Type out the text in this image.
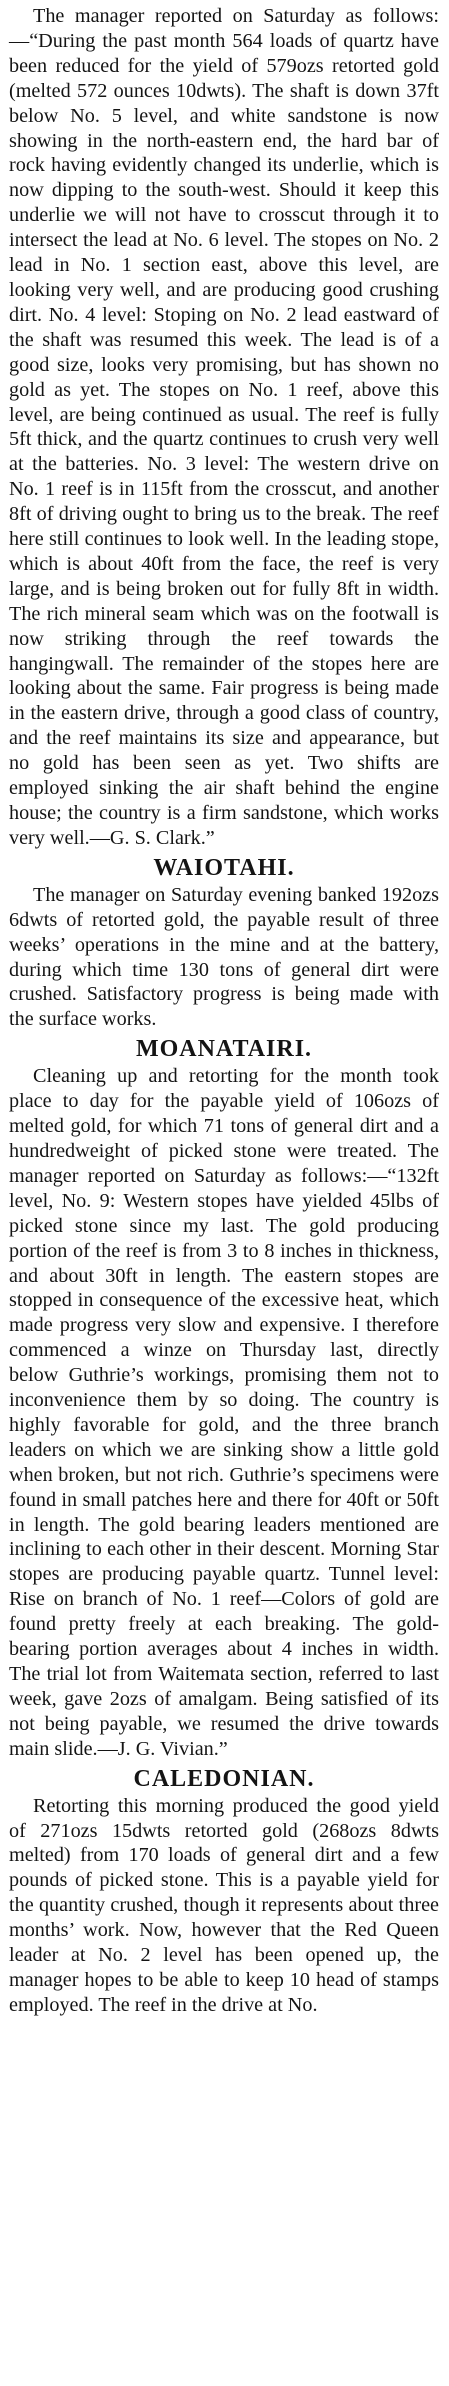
The manager reported on Saturday as follows:—“During the past month 564 loads of quartz have been reduced for the yield of 579ozs retorted gold (melted 572 ounces 10dwts). The shaft is down 37ft below No. 5 level, and white sandstone is now showing in the north-eastern end, the hard bar of rock having evidently changed its underlie, which is now dipping to the south-west. Should it keep this underlie we will not have to crosscut through it to intersect the lead at No. 6 level. The stopes on No. 2 lead in No. 1 section east, above this level, are looking very well, and are producing good crushing dirt. No. 4 level: Stoping on No. 2 lead eastward of the shaft was resumed this week. The lead is of a good size, looks very promising, but has shown no gold as yet. The stopes on No. 1 reef, above this level, are being continued as usual. The reef is fully 5ft thick, and the quartz continues to crush very well at the batteries. No. 3 level: The western drive on No. 1 reef is in 115ft from the crosscut, and another 8ft of driving ought to bring us to the break. The reef here still continues to look well. In the leading stope, which is about 40ft from the face, the reef is very large, and is being broken out for fully 8ft in width. The rich mineral seam which was on the footwall is now striking through the reef towards the hangingwall. The remainder of the stopes here are looking about the same. Fair progress is being made in the eastern drive, through a good class of country, and the reef maintains its size and appearance, but no gold has been seen as yet. Two shifts are employed sinking the air shaft behind the engine house; the country is a firm sandstone, which works very well.—G. S. Clark.”

WAIOTAHI.

The manager on Saturday evening banked 192ozs 6dwts of retorted gold, the payable result of three weeks’ operations in the mine and at the battery, during which time 130 tons of general dirt were crushed. Satisfactory progress is being made with the surface works.

MOANATAIRI.

Cleaning up and retorting for the month took place to day for the payable yield of 106ozs of melted gold, for which 71 tons of general dirt and a hundredweight of picked stone were treated. The manager reported on Saturday as follows:—“132ft level, No. 9: Western stopes have yielded 45lbs of picked stone since my last. The gold producing portion of the reef is from 3 to 8 inches in thickness, and about 30ft in length. The eastern stopes are stopped in consequence of the excessive heat, which made progress very slow and expensive. I therefore commenced a winze on Thursday last, directly below Guthrie’s workings, promising them not to inconvenience them by so doing. The country is highly favorable for gold, and the three branch leaders on which we are sinking show a little gold when broken, but not rich. Guthrie’s specimens were found in small patches here and there for 40ft or 50ft in length. The gold bearing leaders mentioned are inclining to each other in their descent. Morning Star stopes are producing payable quartz. Tunnel level: Rise on branch of No. 1 reef—Colors of gold are found pretty freely at each breaking. The gold-bearing portion averages about 4 inches in width. The trial lot from Waitemata section, referred to last week, gave 2ozs of amalgam. Being satisfied of its not being payable, we resumed the drive towards main slide.—J. G. Vivian.”

CALEDONIAN.

Retorting this morning produced the good yield of 271ozs 15dwts retorted gold (268ozs 8dwts melted) from 170 loads of general dirt and a few pounds of picked stone. This is a payable yield for the quantity crushed, though it represents about three months’ work. Now, however that the Red Queen leader at No. 2 level has been opened up, the manager hopes to be able to keep 10 head of stamps employed. The reef in the drive at No.
